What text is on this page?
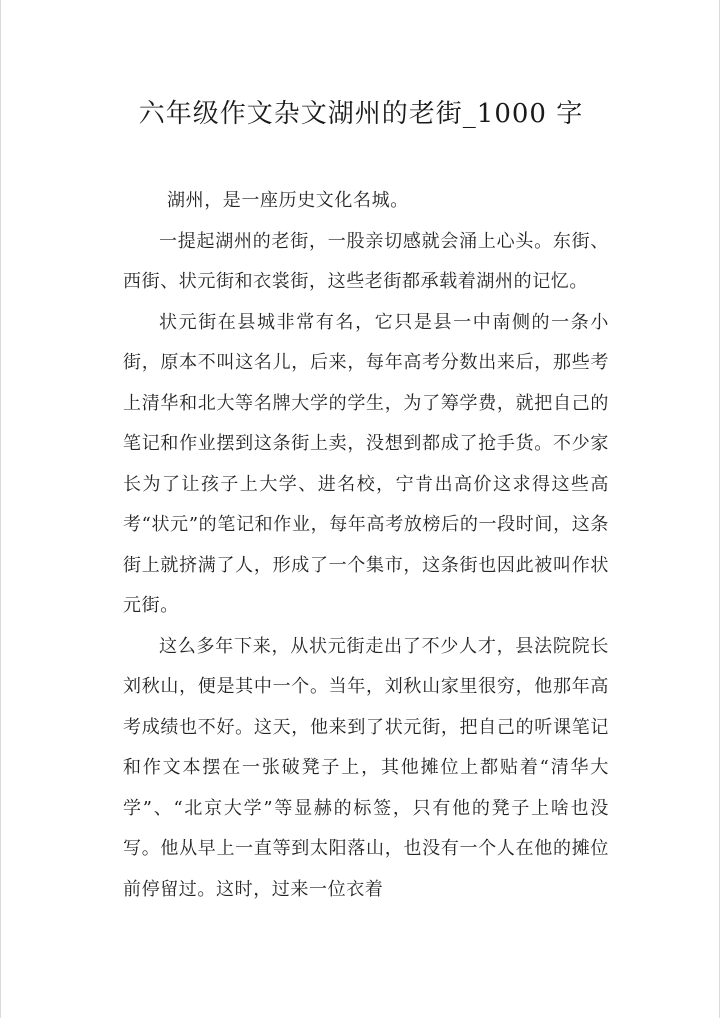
六年级作文杂文湖州的老街_1000 字

湖州，是一座历史文化名城。

一提起湖州的老街，一股亲切感就会涌上心头。东街、西街、状元街和衣裳街，这些老街都承载着湖州的记忆。

状元街在县城非常有名，它只是县一中南侧的一条小街，原本不叫这名儿，后来，每年高考分数出来后，那些考上清华和北大等名牌大学的学生，为了筹学费，就把自己的笔记和作业摆到这条街上卖，没想到都成了抢手货。不少家长为了让孩子上大学、进名校，宁肯出高价这求得这些高考“状元”的笔记和作业，每年高考放榜后的一段时间，这条街上就挤满了人，形成了一个集市，这条街也因此被叫作状元街。

这么多年下来，从状元街走出了不少人才，县法院院长刘秋山，便是其中一个。当年，刘秋山家里很穷，他那年高考成绩也不好。这天，他来到了状元街，把自己的听课笔记和作文本摆在一张破凳子上，其他摊位上都贴着“清华大学”、“北京大学”等显赫的标签，只有他的凳子上啥也没写。他从早上一直等到太阳落山，也没有一个人在他的摊位前停留过。这时，过来一位衣着
